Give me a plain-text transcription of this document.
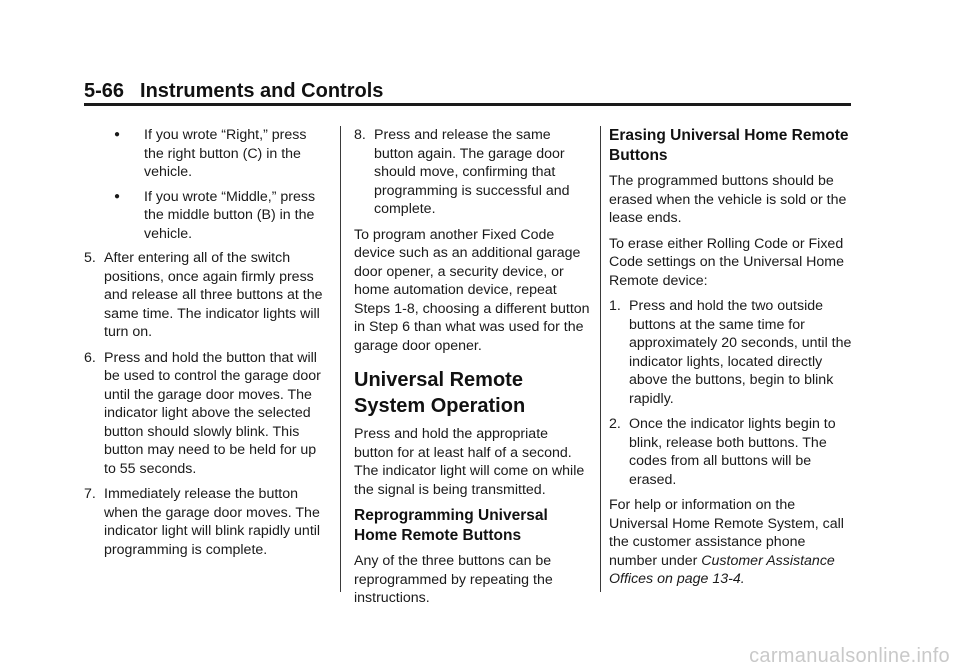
5-66 Instruments and Controls
● If you wrote “Right,” press the right button (C) in the vehicle.
● If you wrote “Middle,” press the middle button (B) in the vehicle.
5. After entering all of the switch positions, once again firmly press and release all three buttons at the same time. The indicator lights will turn on.
6. Press and hold the button that will be used to control the garage door until the garage door moves. The indicator light above the selected button should slowly blink. This button may need to be held for up to 55 seconds.
7. Immediately release the button when the garage door moves. The indicator light will blink rapidly until programming is complete.
8. Press and release the same button again. The garage door should move, confirming that programming is successful and complete.

To program another Fixed Code device such as an additional garage door opener, a security device, or home automation device, repeat Steps 1-8, choosing a different button in Step 6 than what was used for the garage door opener.

Universal Remote System Operation

Press and hold the appropriate button for at least half of a second. The indicator light will come on while the signal is being transmitted.

Reprogramming Universal Home Remote Buttons

Any of the three buttons can be reprogrammed by repeating the instructions.

Erasing Universal Home Remote Buttons

The programmed buttons should be erased when the vehicle is sold or the lease ends.

To erase either Rolling Code or Fixed Code settings on the Universal Home Remote device:

1. Press and hold the two outside buttons at the same time for approximately 20 seconds, until the indicator lights, located directly above the buttons, begin to blink rapidly.
2. Once the indicator lights begin to blink, release both buttons. The codes from all buttons will be erased.

For help or information on the Universal Home Remote System, call the customer assistance phone number under Customer Assistance Offices on page 13-4.

carmanualsonline.info
